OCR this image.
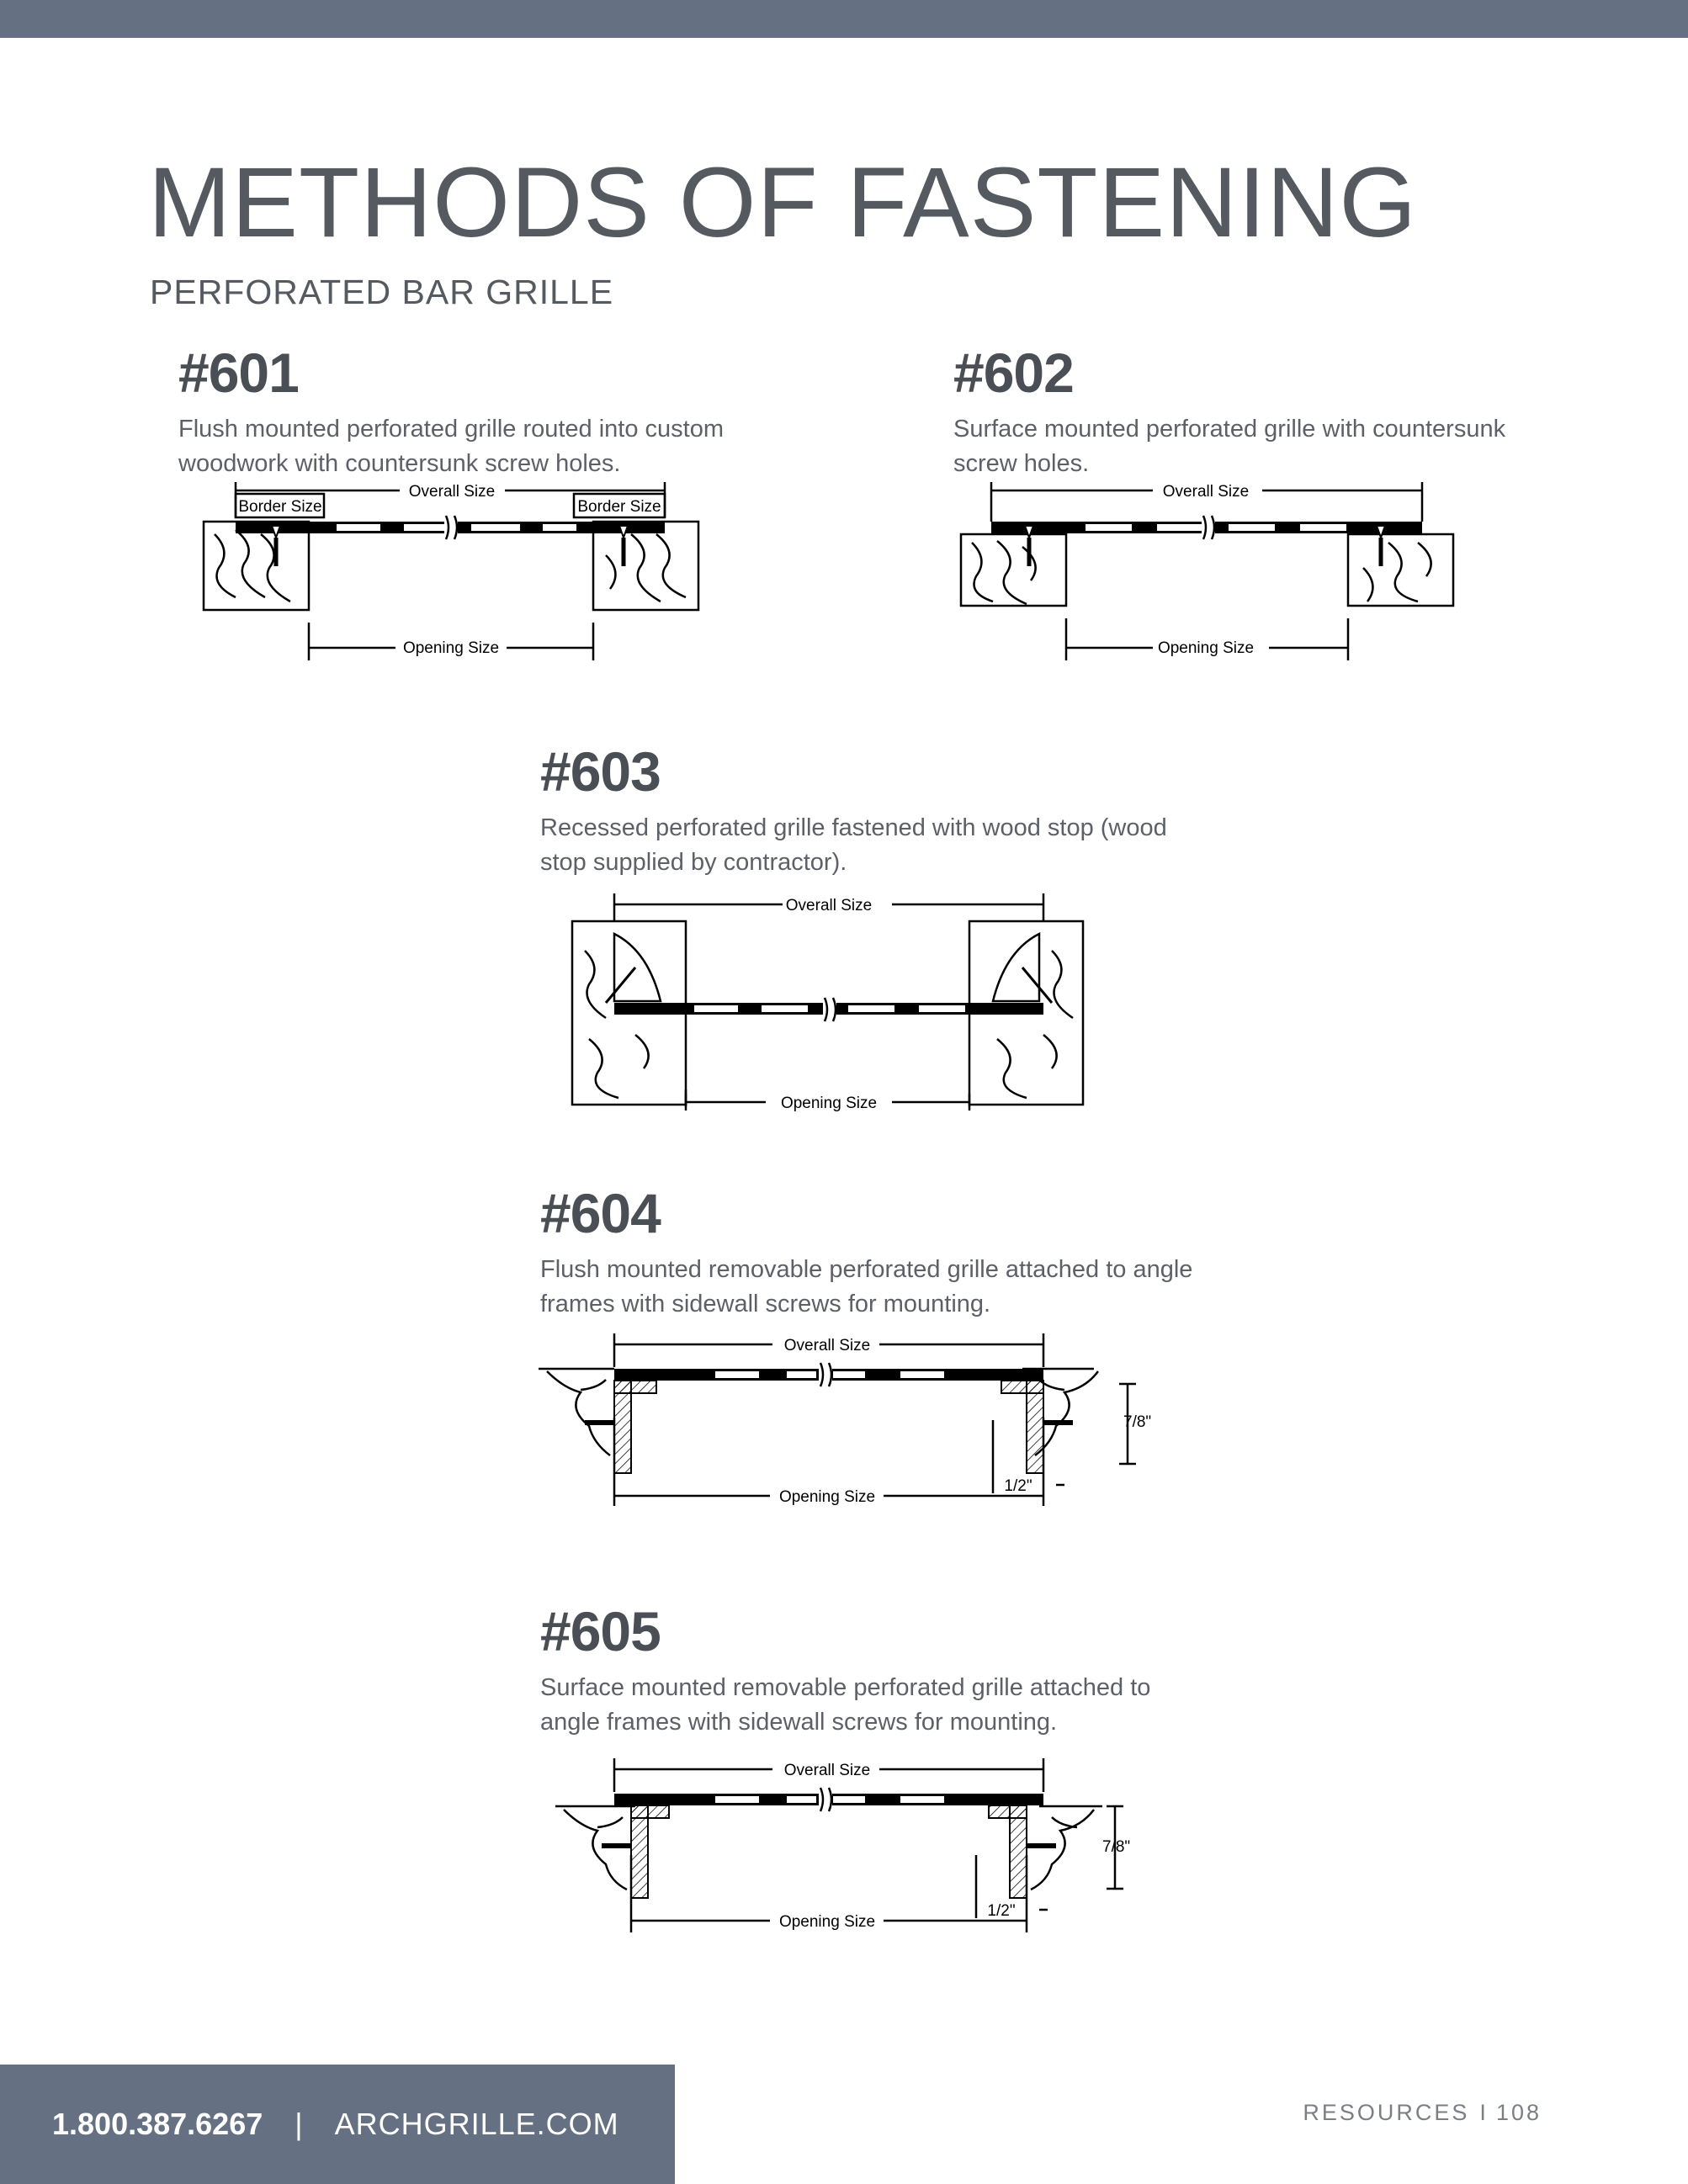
METHODS OF FASTENING
PERFORATED BAR GRILLE
#601

Flush mounted perforated grille routed into custom woodwork with countersunk screw holes.

Overall Size
Border Size	Border Size
Opening Size
#602

Surface mounted perforated grille with countersunk screw holes.

Overall Size
Opening Size
#603

Recessed perforated grille fastened with wood stop (wood stop supplied by contractor).

Overall Size
Opening Size
#604

Flush mounted removable perforated grille attached to angle frames with sidewall screws for mounting.

Overall Size
Opening Size
1/2"
7/8"
#605

Surface mounted removable perforated grille attached to angle frames with sidewall screws for mounting.

Overall Size
Opening Size
1/2"
7/8"
1.800.387.6267 | ARCHGRILLE.COM	RESOURCES I 108
